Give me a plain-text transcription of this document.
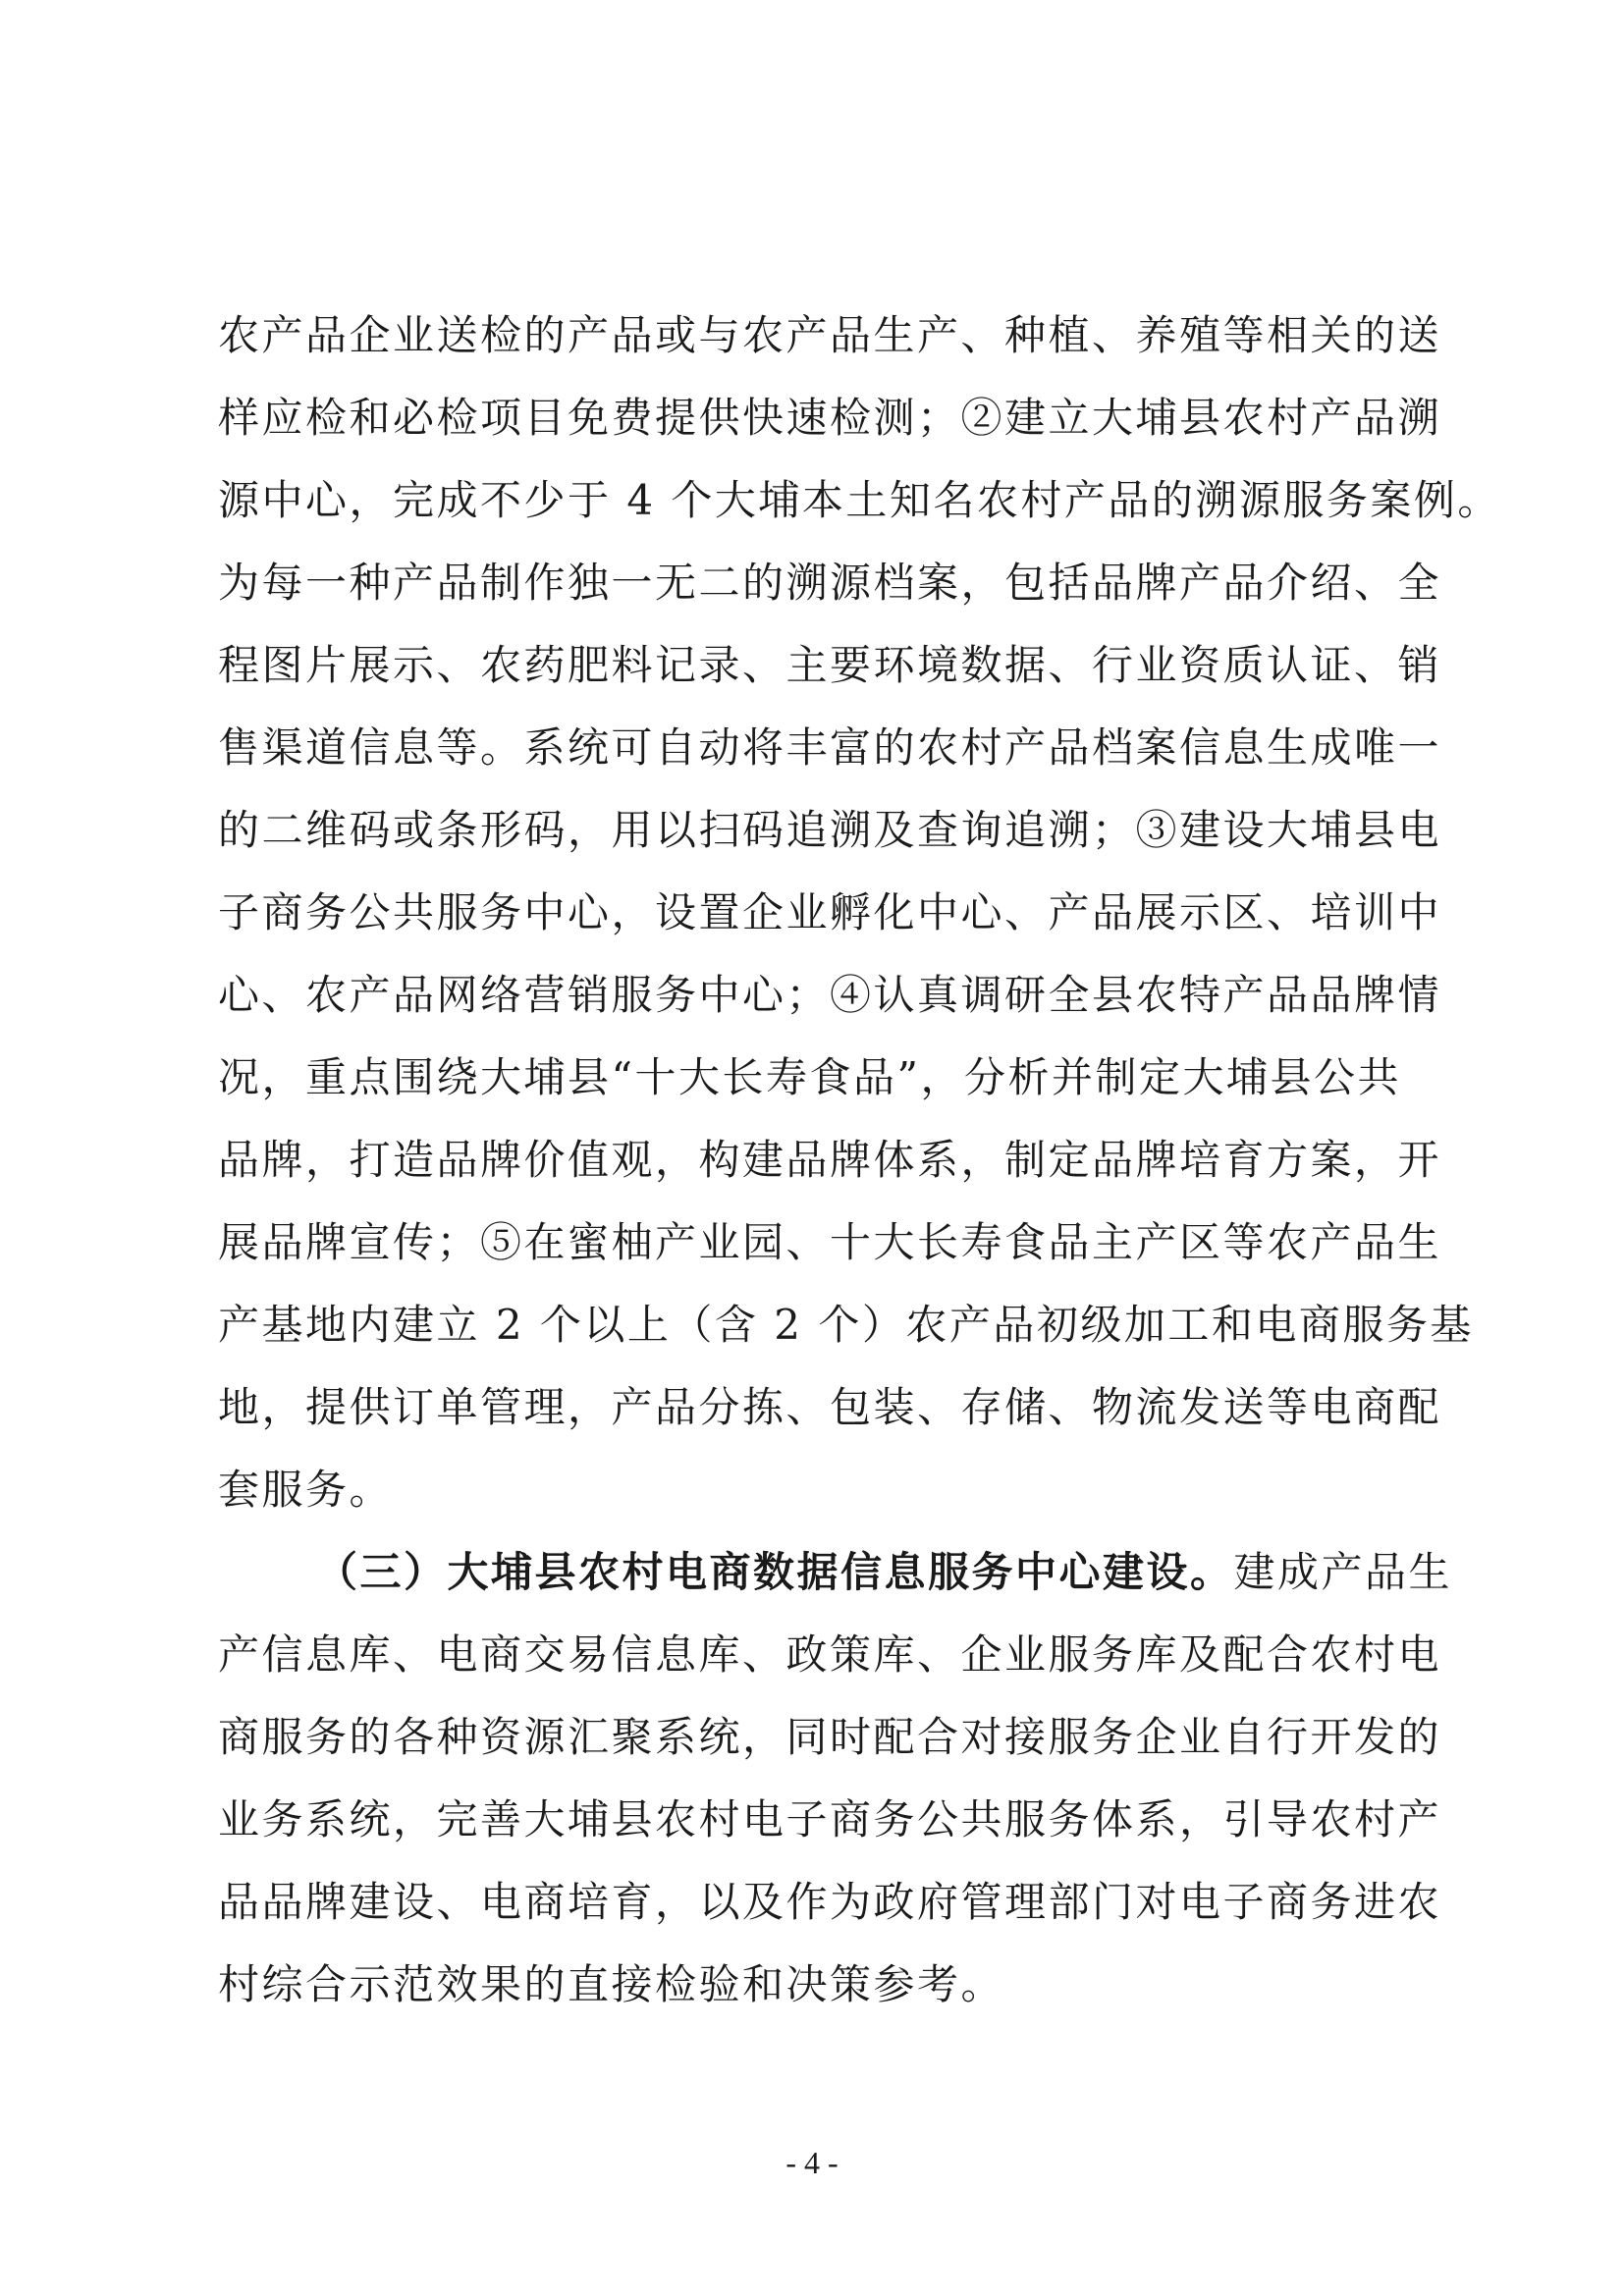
农产品企业送检的产品或与农产品生产、种植、养殖等相关的送
样应检和必检项目免费提供快速检测；②建立大埔县农村产品溯
源中心，完成不少于 4 个大埔本土知名农村产品的溯源服务案例。
为每一种产品制作独一无二的溯源档案，包括品牌产品介绍、全
程图片展示、农药肥料记录、主要环境数据、行业资质认证、销
售渠道信息等。系统可自动将丰富的农村产品档案信息生成唯一
的二维码或条形码，用以扫码追溯及查询追溯；③建设大埔县电
子商务公共服务中心，设置企业孵化中心、产品展示区、培训中
心、农产品网络营销服务中心；④认真调研全县农特产品品牌情
况，重点围绕大埔县“十大长寿食品”，分析并制定大埔县公共
品牌，打造品牌价值观，构建品牌体系，制定品牌培育方案，开
展品牌宣传；⑤在蜜柚产业园、十大长寿食品主产区等农产品生
产基地内建立 2 个以上（含 2 个）农产品初级加工和电商服务基
地，提供订单管理，产品分拣、包装、存储、物流发送等电商配
套服务。
（三）大埔县农村电商数据信息服务中心建设。建成产品生
产信息库、电商交易信息库、政策库、企业服务库及配合农村电
商服务的各种资源汇聚系统，同时配合对接服务企业自行开发的
业务系统，完善大埔县农村电子商务公共服务体系，引导农村产
品品牌建设、电商培育，以及作为政府管理部门对电子商务进农
村综合示范效果的直接检验和决策参考。
- 4 -
